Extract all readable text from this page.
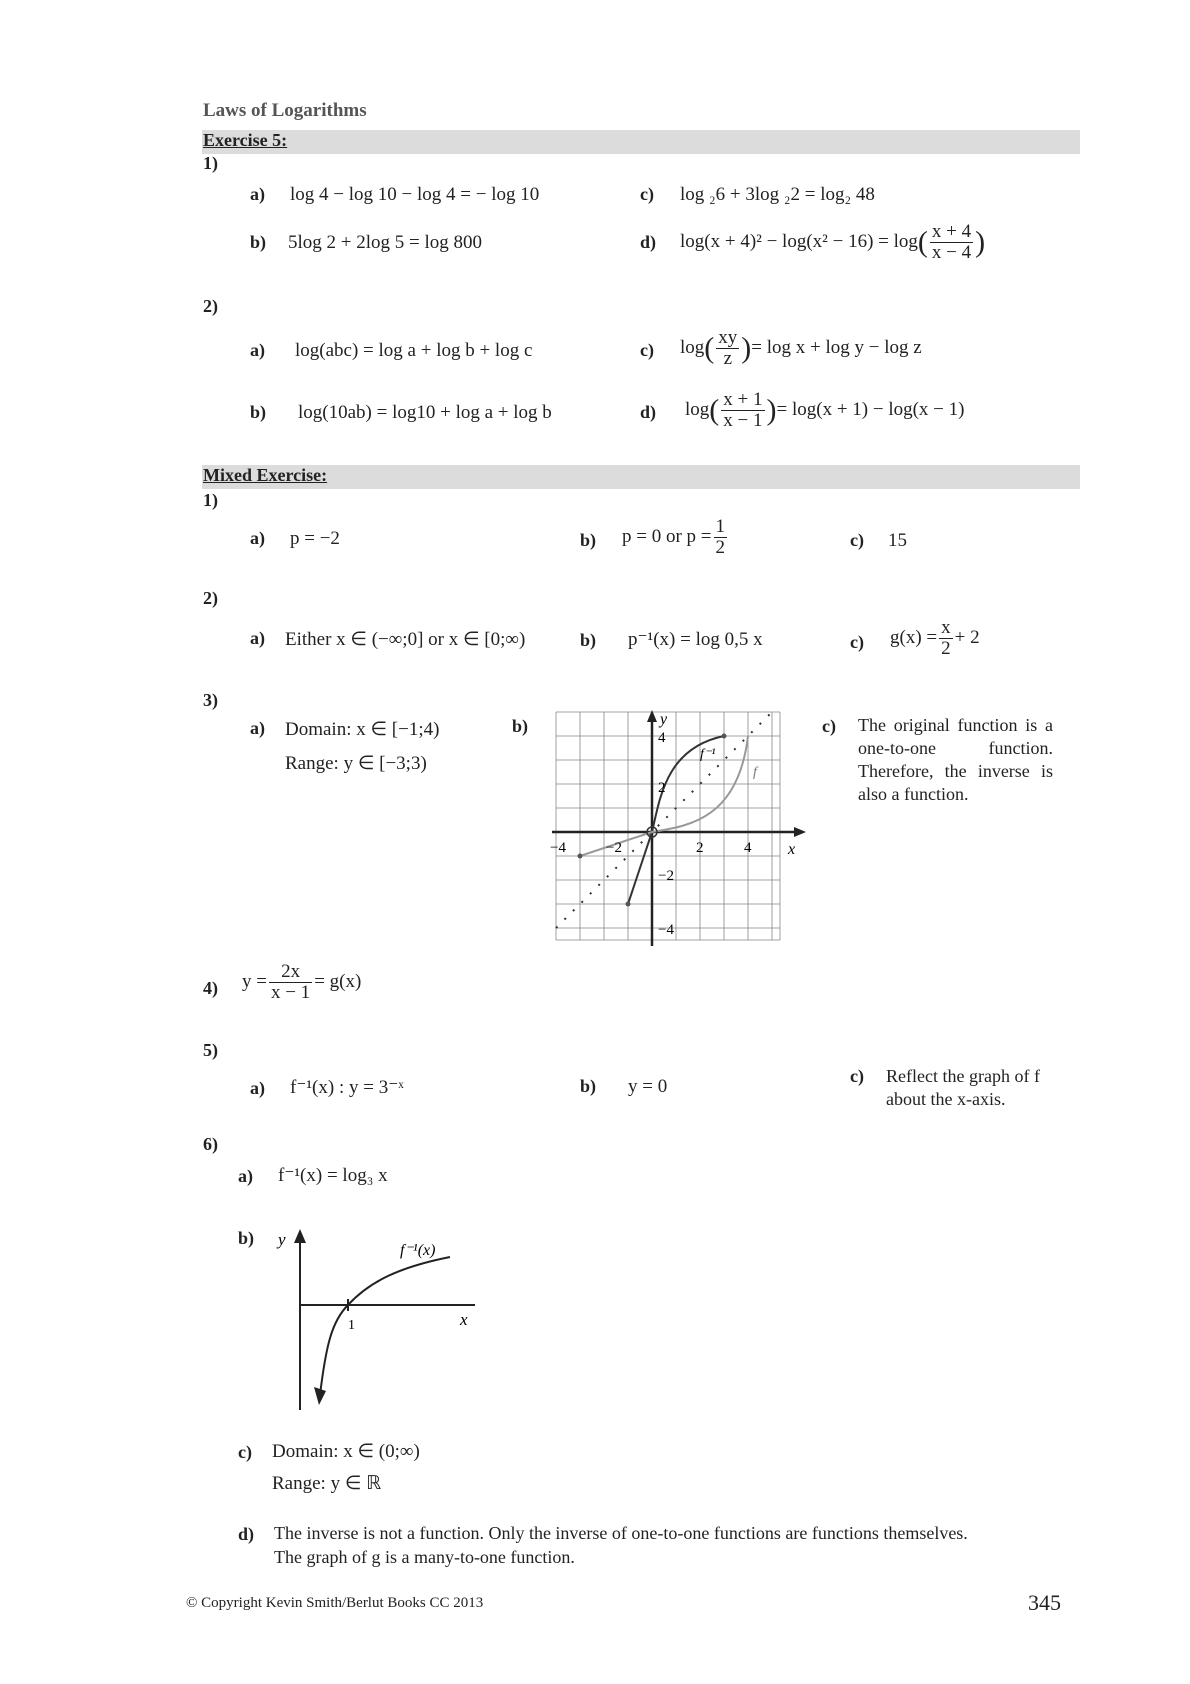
Laws of Logarithms
Exercise 5:
1)
a) log 4 − log 10 − log 4 = − log 10	c) log ₂6 + 3log ₂2 = log₂ 48
b) 5log 2 + 2log 5 = log 800	d) $\log(x + 4)^2 - \log(x^2 - 16) = \log( \frac{x + 4}{x - 4}$ )
2)
a) log(abc) = log a + log b + log c	c) $\log( \frac{xy}{z}$ )= log x + log y − log z
b) log(10ab) = log10 + log a + log b	d) $\log( \frac{x + 1}{x - 1}$ )= log(x + 1) − log(x − 1)
Mixed Exercise:
1)
a) p = −2	b) p = 0 or $p = \frac{1}{2}$	c) 15
2)
a) Either x ∈ (−∞;0] or x ∈ [0;∞)	b) p⁻¹(x) = log 0,5 x	c) $g(x) = \frac{x}{2} + 2$
3)
a) Domain: x ∈ [−1;4)
Range: y ∈ [−3;3)
b)	y
x
4
2
−2
−4
−4	−2	2	4
f⁻¹
f
c) The original function is a one-to-one function. Therefore, the inverse is also a function.
4) $y = \frac{2x}{x - 1} = g(x)$
5)
a) f⁻¹(x) : y = 3⁻ˣ	b) y = 0	c) Reflect the graph of f about the x-axis.
6)
a) f⁻¹(x) = log₃ x
b) y
x
1
f⁻¹(x)
c) Domain: x ∈ (0;∞)
Range: y ∈ ℝ
d) The inverse is not a function. Only the inverse of one-to-one functions are functions themselves.
The graph of g is a many-to-one function.
© Copyright Kevin Smith/Berlut Books CC 2013	345
